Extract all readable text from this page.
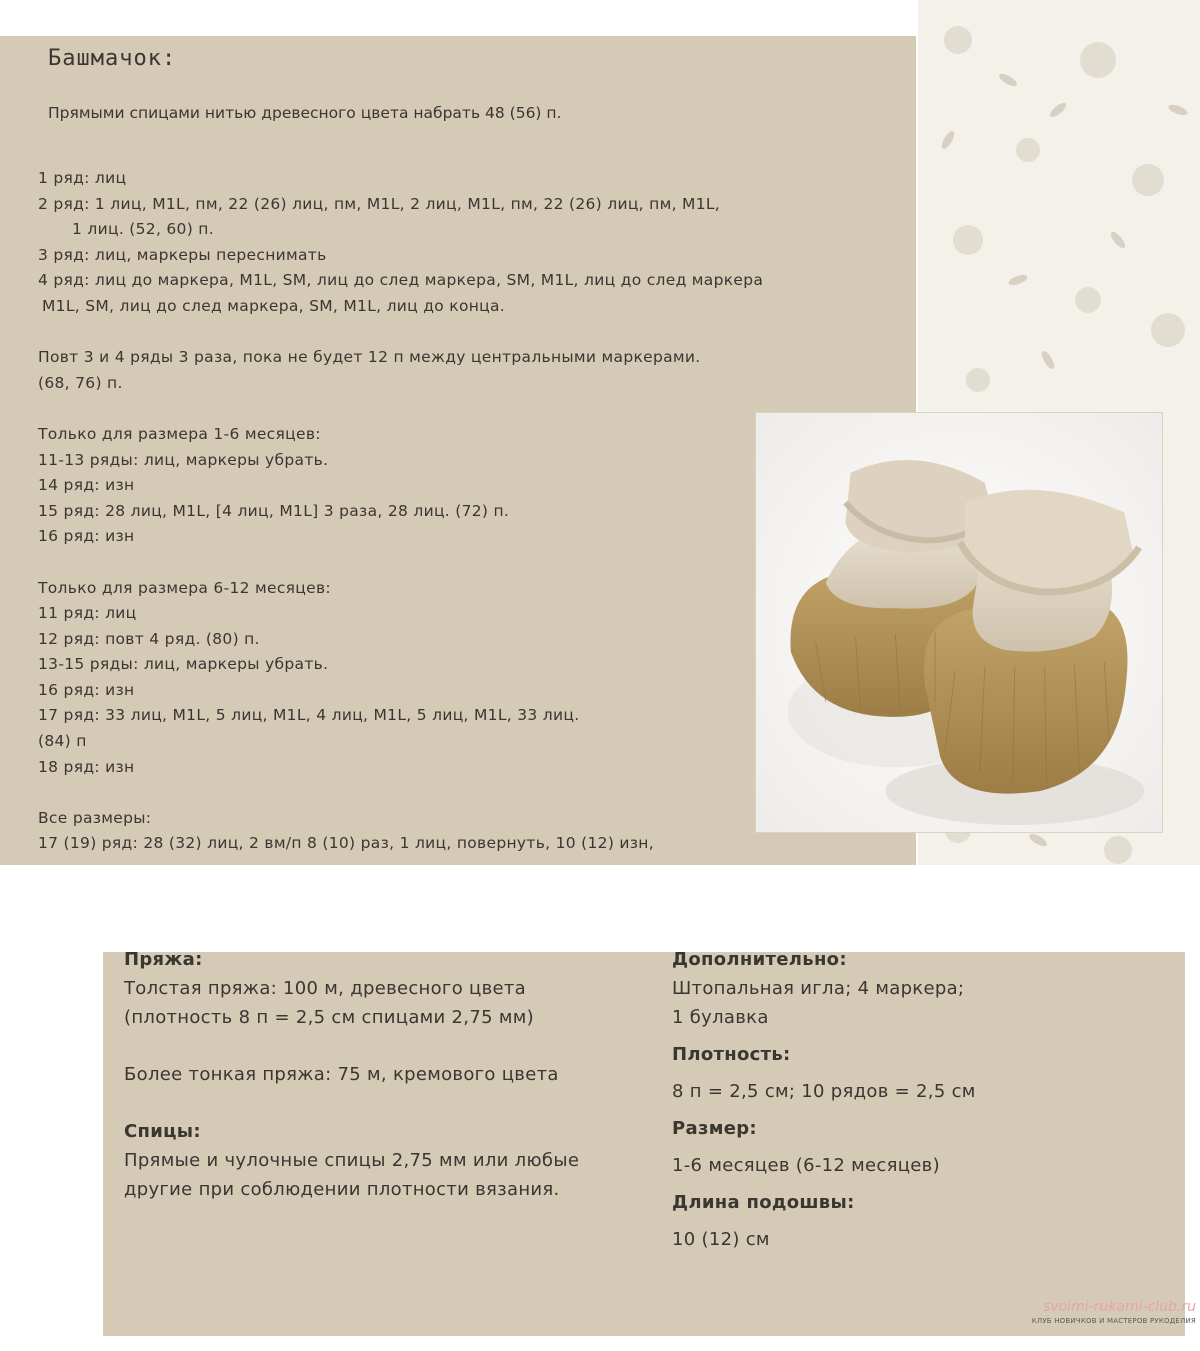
Башмачок:
Прямыми спицами нитью древесного цвета набрать 48 (56) п.
1 ряд: лиц
2 ряд: 1 лиц, M1L, пм, 22 (26) лиц, пм, M1L, 2 лиц, M1L, пм, 22 (26) лиц, пм, M1L,
1 лиц. (52, 60) п.
3 ряд: лиц, маркеры переснимать
4 ряд: лиц до маркера, M1L, SM, лиц до след маркера, SM, M1L, лиц до след маркера
M1L, SM, лиц до след маркера, SM, M1L, лиц до конца.
Повт 3 и 4 ряды 3 раза, пока не будет 12 п между центральными маркерами.
(68, 76) п.
Только для размера 1-6 месяцев:
11-13 ряды: лиц, маркеры убрать.
14 ряд: изн
15 ряд: 28 лиц, M1L, [4 лиц, M1L] 3 раза, 28 лиц. (72) п.
16 ряд: изн
Только для размера 6-12 месяцев:
11 ряд: лиц
12 ряд: повт 4 ряд. (80) п.
13-15 ряды: лиц, маркеры убрать.
16 ряд: изн
17 ряд: 33 лиц, M1L, 5 лиц, M1L, 4 лиц, M1L, 5 лиц, M1L, 33 лиц.
(84) п
18 ряд: изн
Все размеры:
17 (19) ряд: 28 (32) лиц, 2 вм/п 8 (10) раз, 1 лиц, повернуть, 10 (12) изн,

Пряжа:

Толстая пряжа: 100 м, древесного цвета

(плотность 8 п = 2,5 см спицами 2,75 мм)

Более тонкая пряжа: 75 м, кремового цвета

Спицы:

Прямые и чулочные спицы 2,75 мм или любые

другие при соблюдении плотности вязания.

Дополнительно:

Штопальная игла; 4 маркера;

1 булавка

Плотность:

8 п = 2,5 см; 10 рядов = 2,5 см

Размер:

1-6 месяцев (6-12 месяцев)

Длина подошвы:

10 (12) см

svoimi-rukami-club.ru
КЛУБ НОВИЧКОВ И МАСТЕРОВ РУКОДЕЛИЯ
